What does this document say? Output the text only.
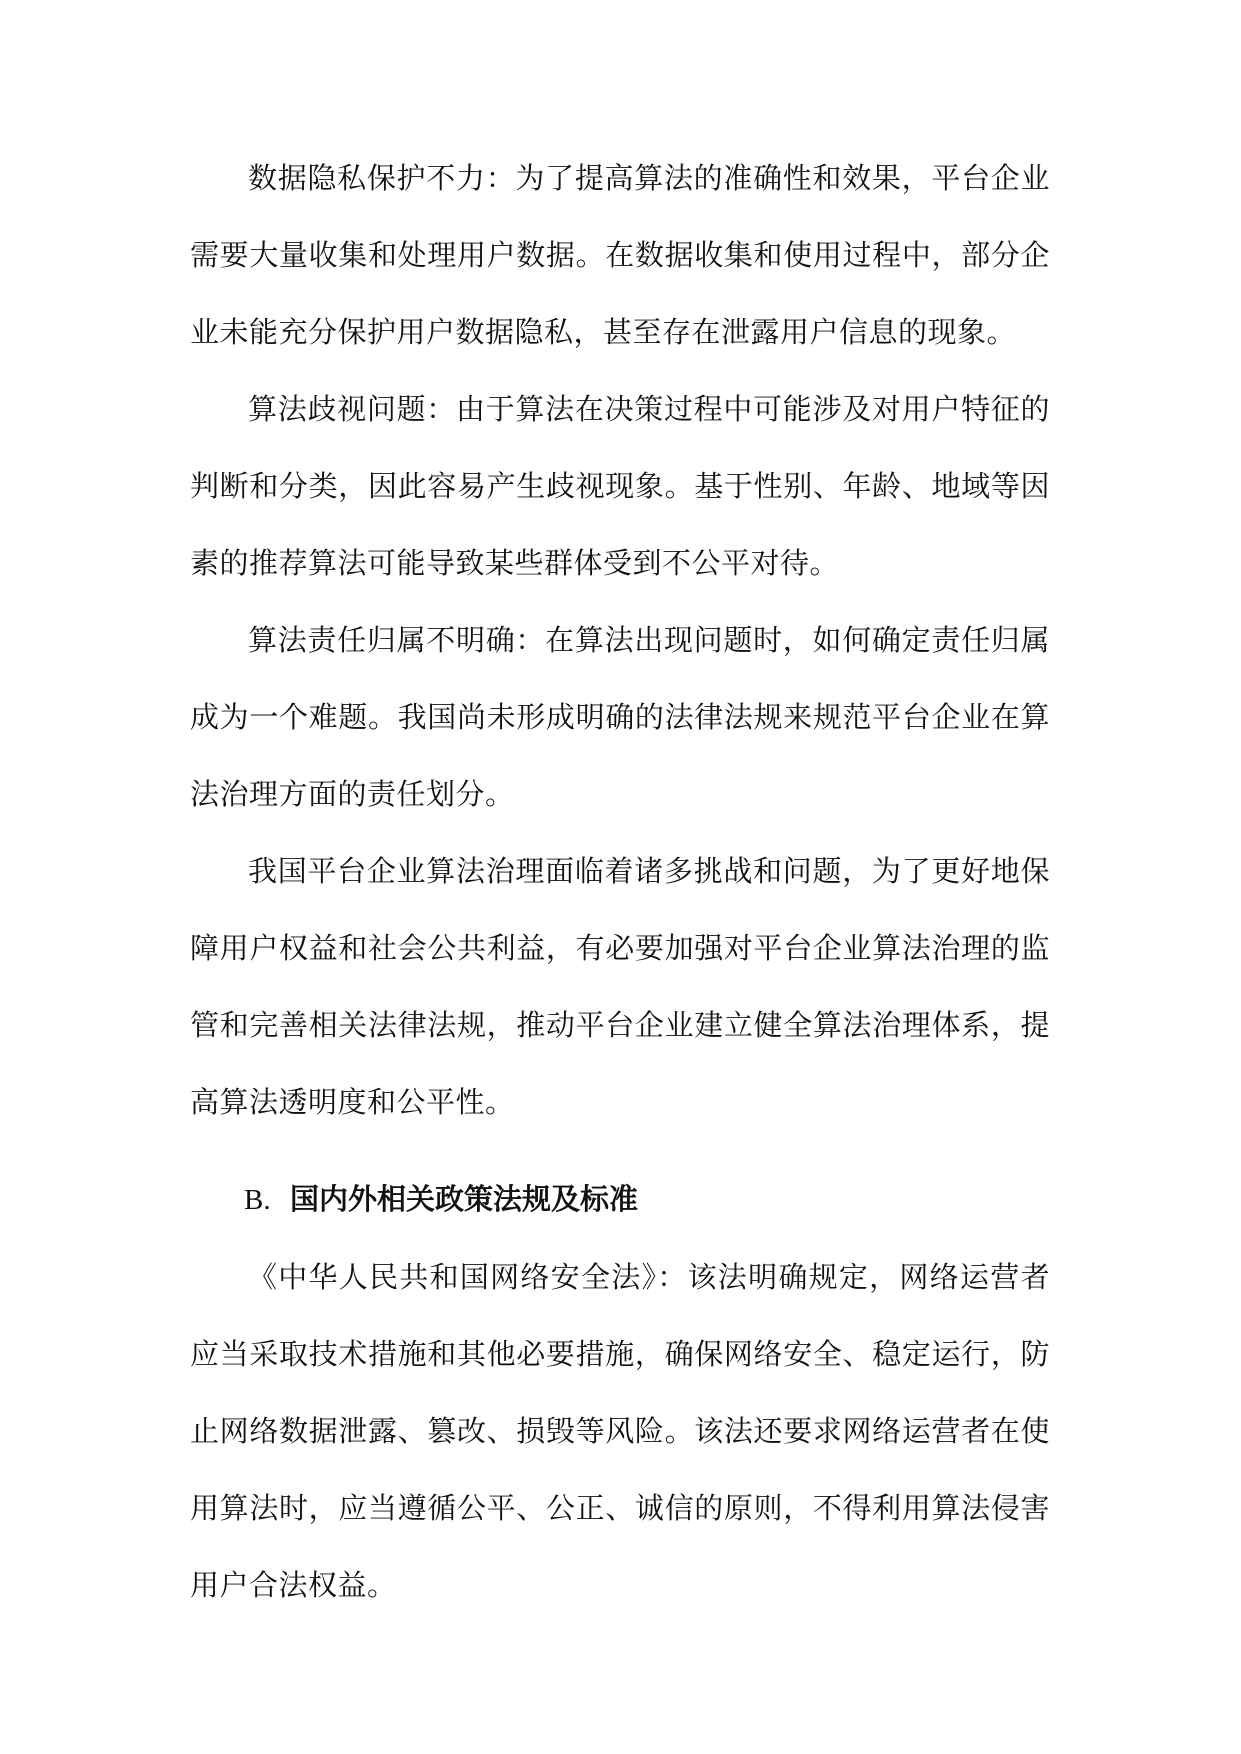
数据隐私保护不力：为了提高算法的准确性和效果，平台企业需要大量收集和处理用户数据。在数据收集和使用过程中，部分企业未能充分保护用户数据隐私，甚至存在泄露用户信息的现象。

算法歧视问题：由于算法在决策过程中可能涉及对用户特征的判断和分类，因此容易产生歧视现象。基于性别、年龄、地域等因素的推荐算法可能导致某些群体受到不公平对待。

算法责任归属不明确：在算法出现问题时，如何确定责任归属成为一个难题。我国尚未形成明确的法律法规来规范平台企业在算法治理方面的责任划分。

我国平台企业算法治理面临着诸多挑战和问题，为了更好地保障用户权益和社会公共利益，有必要加强对平台企业算法治理的监管和完善相关法律法规，推动平台企业建立健全算法治理体系，提高算法透明度和公平性。

B. 国内外相关政策法规及标准

《中华人民共和国网络安全法》：该法明确规定，网络运营者应当采取技术措施和其他必要措施，确保网络安全、稳定运行，防止网络数据泄露、篡改、损毁等风险。该法还要求网络运营者在使用算法时，应当遵循公平、公正、诚信的原则，不得利用算法侵害用户合法权益。
